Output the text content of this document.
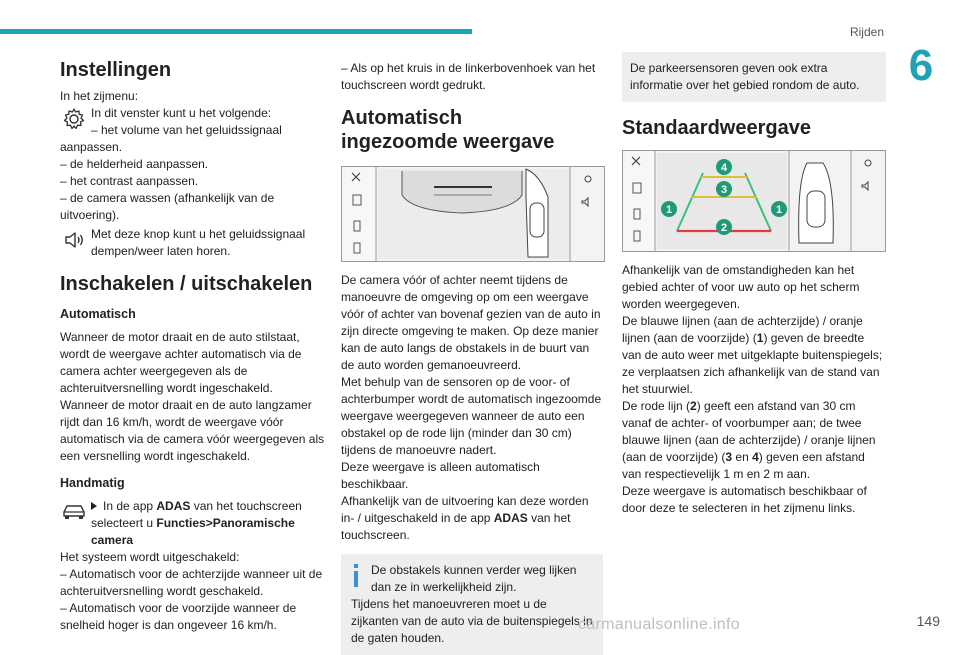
Rijden
6
Instellingen

In het zijmenu:

In dit venster kunt u het volgende:
– het volume van het geluidssignaal
aanpassen.
– de helderheid aanpassen.
– het contrast aanpassen.
– de camera wassen (afhankelijk van de uitvoering).
Met deze knop kunt u het geluidssignaal dempen/weer laten horen.
Inschakelen / uitschakelen
Automatisch
Wanneer de motor draait en de auto stilstaat, wordt de weergave achter automatisch via de camera achter weergegeven als de achteruitversnelling wordt ingeschakeld.
Wanneer de motor draait en de auto langzamer rijdt dan 16 km/h, wordt de weergave vóór automatisch via de camera vóór weergegeven als een versnelling wordt ingeschakeld.
Handmatig
In de app ADAS van het touchscreen selecteert u Functies>Panoramische camera
Het systeem wordt uitgeschakeld:
– Automatisch voor de achterzijde wanneer uit de achteruitversnelling wordt geschakeld.
– Automatisch voor de voorzijde wanneer de snelheid hoger is dan ongeveer 16 km/h.
– Als op het kruis in de linkerbovenhoek van het touchscreen wordt gedrukt.
Automatisch ingezoomde weergave
De camera vóór of achter neemt tijdens de manoeuvre de omgeving op om een weergave vóór of achter van bovenaf gezien van de auto in zijn directe omgeving te maken. Op deze manier kan de auto langs de obstakels in de buurt van de auto worden gemanoeuvreerd.
Met behulp van de sensoren op de voor- of achterbumper wordt de automatisch ingezoomde weergave weergegeven wanneer de auto een obstakel op de rode lijn (minder dan 30 cm) tijdens de manoeuvre nadert.
Deze weergave is alleen automatisch beschikbaar.
Afhankelijk van de uitvoering kan deze worden in- / uitgeschakeld in de app ADAS van het touchscreen.
De obstakels kunnen verder weg lijken dan ze in werkelijkheid zijn.
Tijdens het manoeuvreren moet u de zijkanten van de auto via de buitenspiegels in de gaten houden.
De parkeersensoren geven ook extra informatie over het gebied rondom de auto.
Standaardweergave
4
3
1	1
2
Afhankelijk van de omstandigheden kan het gebied achter of voor uw auto op het scherm worden weergegeven.
De blauwe lijnen (aan de achterzijde) / oranje lijnen (aan de voorzijde) (1) geven de breedte van de auto weer met uitgeklapte buitenspiegels; ze verplaatsen zich afhankelijk van de stand van het stuurwiel.
De rode lijn (2) geeft een afstand van 30 cm vanaf de achter- of voorbumper aan; de twee blauwe lijnen (aan de achterzijde) / oranje lijnen (aan de voorzijde) (3 en 4) geven een afstand van respectievelijk 1 m en 2 m aan.
Deze weergave is automatisch beschikbaar of door deze te selecteren in het zijmenu links.
149
carmanualsonline.info
